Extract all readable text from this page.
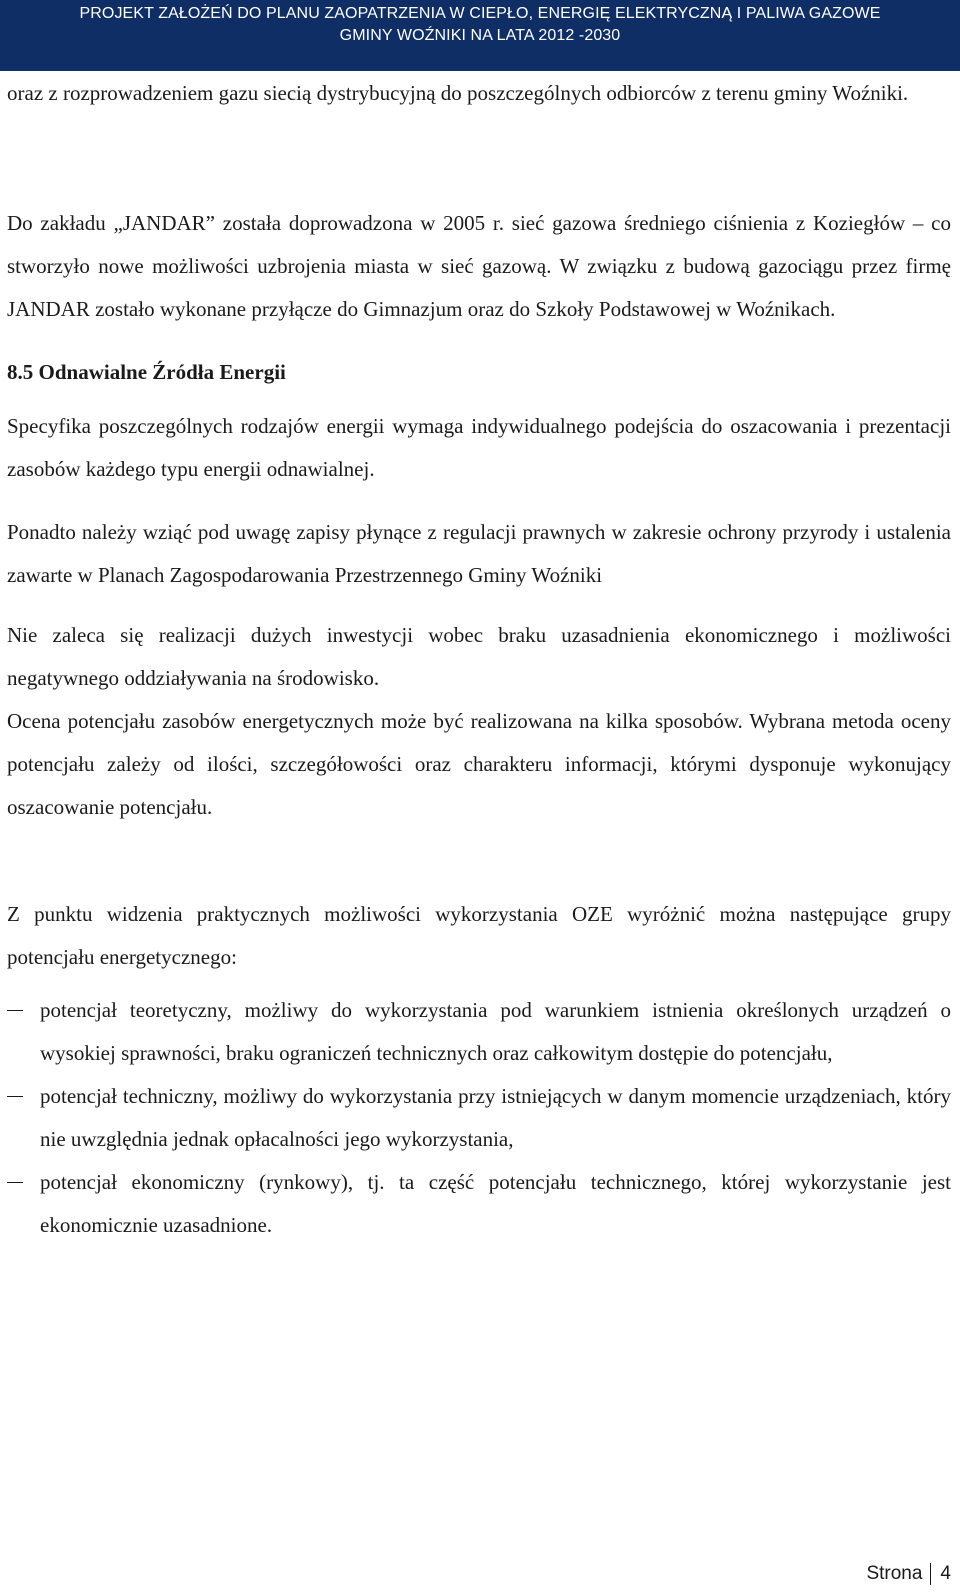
PROJEKT ZAŁOŻEŃ DO PLANU ZAOPATRZENIA W CIEPŁO, ENERGIĘ ELEKTRYCZNĄ I PALIWA GAZOWE
GMINY WOŹNIKI NA LATA 2012 -2030

oraz z rozprowadzeniem gazu siecią dystrybucyjną do poszczególnych odbiorców z terenu gminy Woźniki.

Do zakładu „JANDAR” została doprowadzona w 2005 r. sieć gazowa średniego ciśnienia z Koziegłów – co stworzyło nowe możliwości uzbrojenia miasta w sieć gazową. W związku z budową gazociągu przez firmę JANDAR zostało wykonane przyłącze do Gimnazjum oraz do Szkoły Podstawowej w Woźnikach.

8.5 Odnawialne Źródła Energii

Specyfika poszczególnych rodzajów energii wymaga indywidualnego podejścia do oszacowania i prezentacji zasobów każdego typu energii odnawialnej.

Ponadto należy wziąć pod uwagę zapisy płynące z regulacji prawnych w zakresie ochrony przyrody i ustalenia zawarte w Planach Zagospodarowania Przestrzennego Gminy Woźniki

Nie zaleca się realizacji dużych inwestycji wobec braku uzasadnienia ekonomicznego i możliwości negatywnego oddziaływania na środowisko.

Ocena potencjału zasobów energetycznych może być realizowana na kilka sposobów. Wybrana metoda oceny potencjału zależy od ilości, szczegółowości oraz charakteru informacji, którymi dysponuje wykonujący oszacowanie potencjału.

Z punktu widzenia praktycznych możliwości wykorzystania OZE wyróżnić można następujące grupy potencjału energetycznego:

potencjał teoretyczny, możliwy do wykorzystania pod warunkiem istnienia określonych urządzeń o wysokiej sprawności, braku ograniczeń technicznych oraz całkowitym dostępie do potencjału,
potencjał techniczny, możliwy do wykorzystania przy istniejących w danym momencie urządzeniach, który nie uwzględnia jednak opłacalności jego wykorzystania,
potencjał ekonomiczny (rynkowy), tj. ta część potencjału technicznego, której wykorzystanie jest ekonomicznie uzasadnione.
Strona 4
